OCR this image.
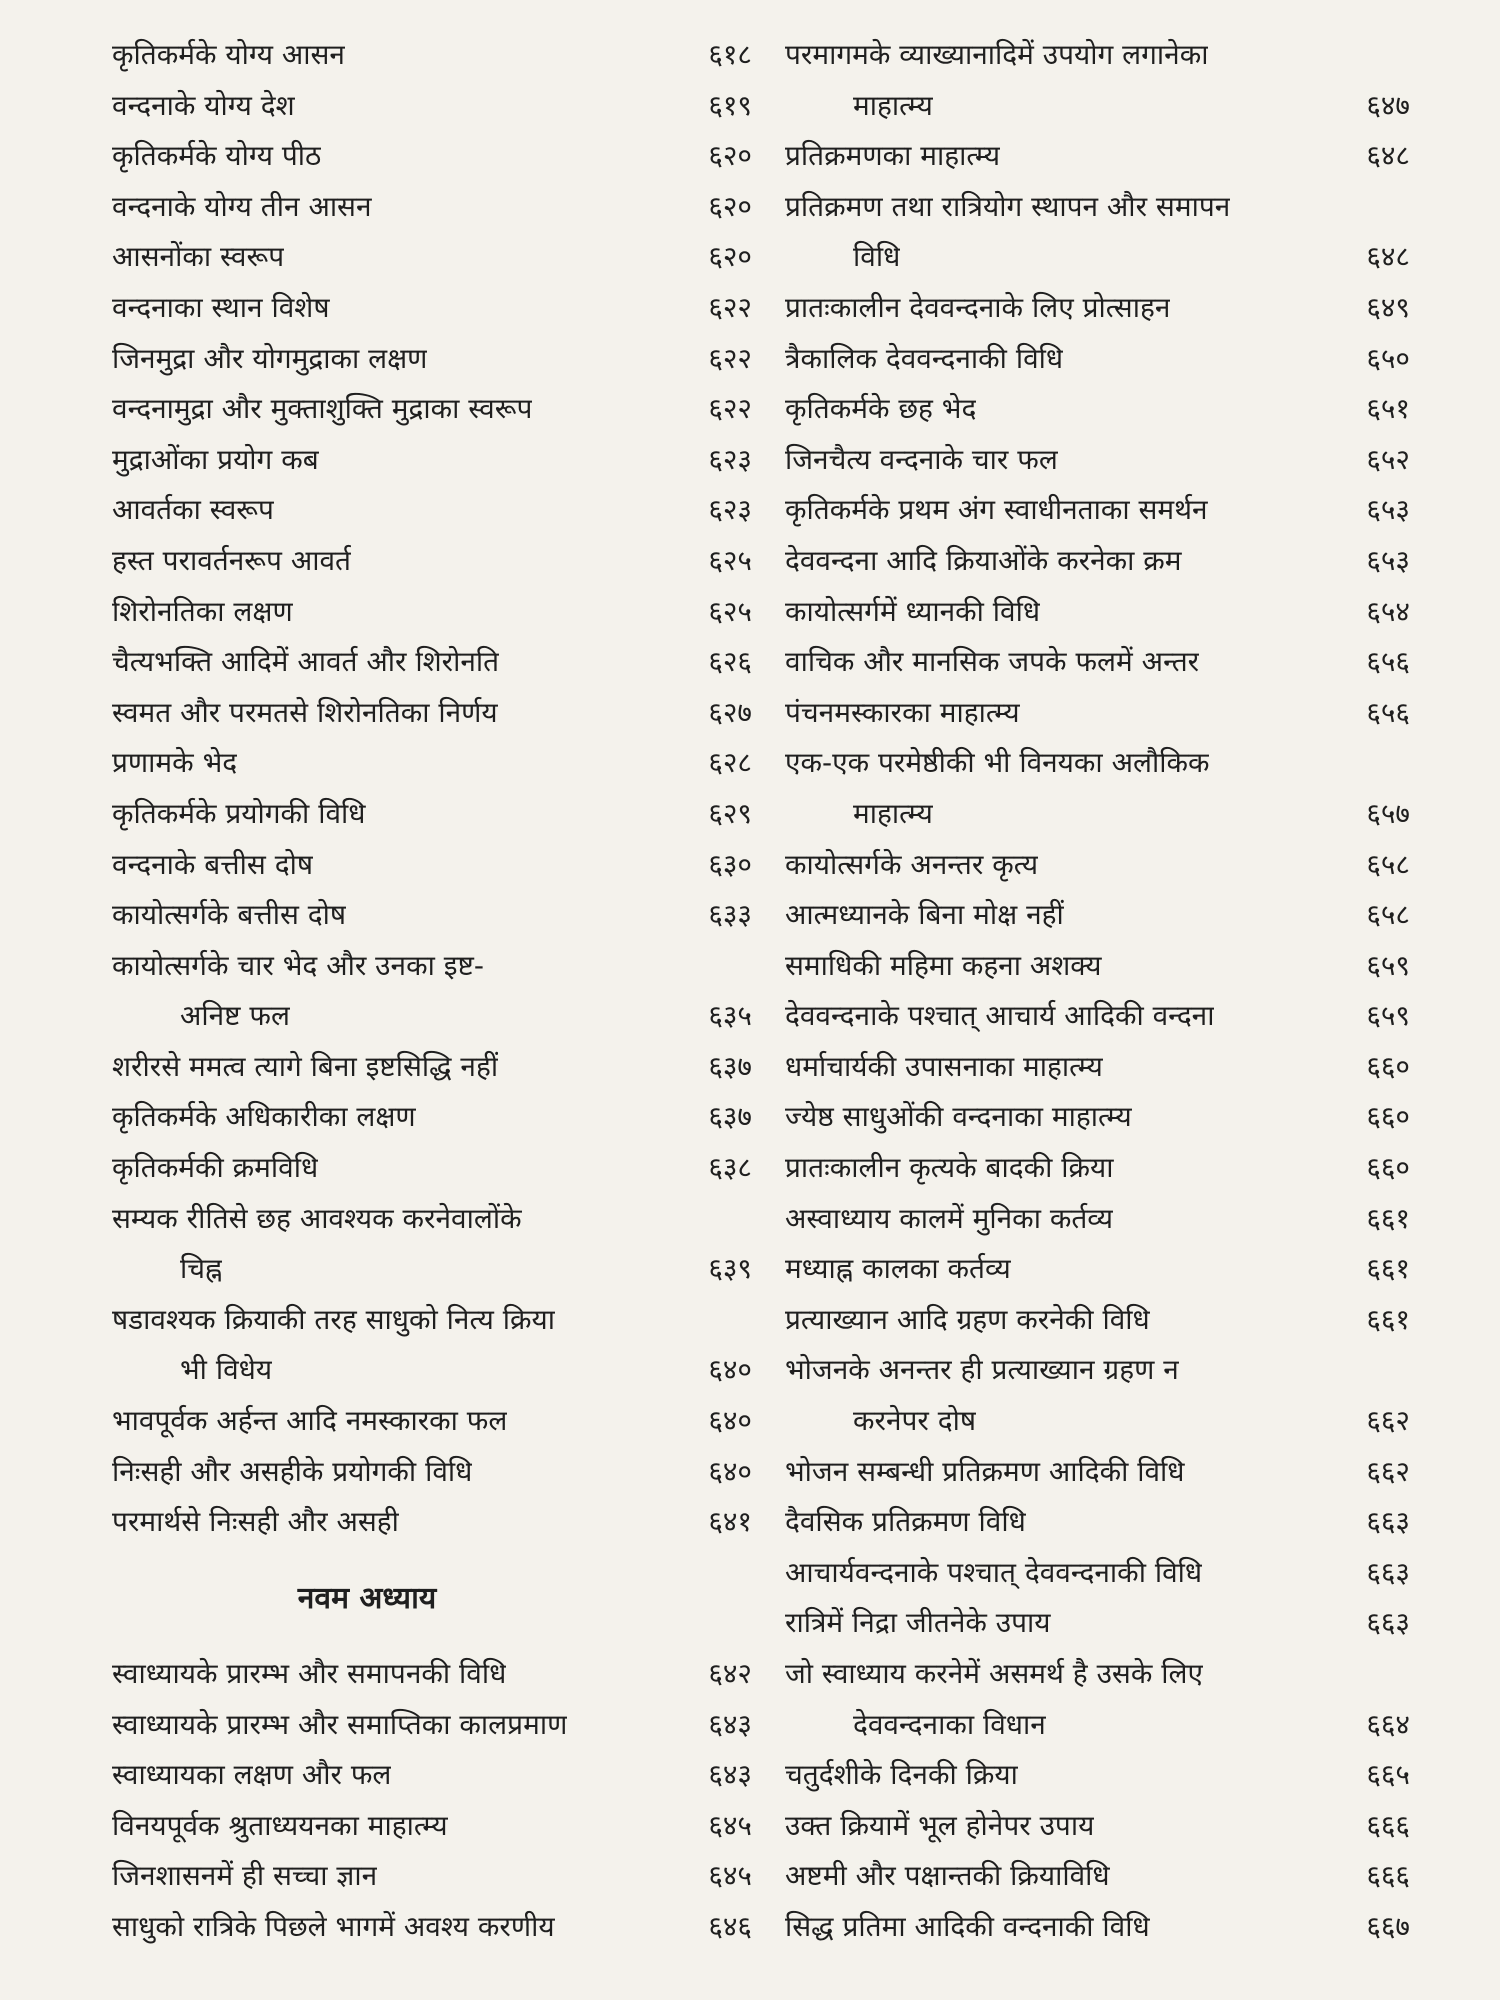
कृतिकर्मके योग्य आसन	६१८
वन्दनाके योग्य देश	६१९
कृतिकर्मके योग्य पीठ	६२०
वन्दनाके योग्य तीन आसन	६२०
आसनोंका स्वरूप	६२०
वन्दनाका स्थान विशेष	६२२
जिनमुद्रा और योगमुद्राका लक्षण	६२२
वन्दनामुद्रा और मुक्ताशुक्ति मुद्राका स्वरूप	६२२
मुद्राओंका प्रयोग कब	६२३
आवर्तका स्वरूप	६२३
हस्त परावर्तनरूप आवर्त	६२५
शिरोनतिका लक्षण	६२५
चैत्यभक्ति आदिमें आवर्त और शिरोनति	६२६
स्वमत और परमतसे शिरोनतिका निर्णय	६२७
प्रणामके भेद	६२८
कृतिकर्मके प्रयोगकी विधि	६२९
वन्दनाके बत्तीस दोष	६३०
कायोत्सर्गके बत्तीस दोष	६३३
कायोत्सर्गके चार भेद और उनका इष्ट-
अनिष्ट फल	६३५
शरीरसे ममत्व त्यागे बिना इष्टसिद्धि नहीं	६३७
कृतिकर्मके अधिकारीका लक्षण	६३७
कृतिकर्मकी क्रमविधि	६३८
सम्यक रीतिसे छह आवश्यक करनेवालोंके
चिह्न	६३९
षडावश्यक क्रियाकी तरह साधुको नित्य क्रिया
भी विधेय	६४०
भावपूर्वक अर्हन्त आदि नमस्कारका फल	६४०
निःसही और असहीके प्रयोगकी विधि	६४०
परमार्थसे निःसही और असही	६४१
नवम अध्याय
स्वाध्यायके प्रारम्भ और समापनकी विधि	६४२
स्वाध्यायके प्रारम्भ और समाप्तिका कालप्रमाण	६४३
स्वाध्यायका लक्षण और फल	६४३
विनयपूर्वक श्रुताध्ययनका माहात्म्य	६४५
जिनशासनमें ही सच्चा ज्ञान	६४५
साधुको रात्रिके पिछले भागमें अवश्य करणीय	६४६
परमागमके व्याख्यानादिमें उपयोग लगानेका
माहात्म्य	६४७
प्रतिक्रमणका माहात्म्य	६४८
प्रतिक्रमण तथा रात्रियोग स्थापन और समापन
विधि	६४८
प्रातःकालीन देववन्दनाके लिए प्रोत्साहन	६४९
त्रैकालिक देववन्दनाकी विधि	६५०
कृतिकर्मके छह भेद	६५१
जिनचैत्य वन्दनाके चार फल	६५२
कृतिकर्मके प्रथम अंग स्वाधीनताका समर्थन	६५३
देववन्दना आदि क्रियाओंके करनेका क्रम	६५३
कायोत्सर्गमें ध्यानकी विधि	६५४
वाचिक और मानसिक जपके फलमें अन्तर	६५६
पंचनमस्कारका माहात्म्य	६५६
एक-एक परमेष्ठीकी भी विनयका अलौकिक
माहात्म्य	६५७
कायोत्सर्गके अनन्तर कृत्य	६५८
आत्मध्यानके बिना मोक्ष नहीं	६५८
समाधिकी महिमा कहना अशक्य	६५९
देववन्दनाके पश्चात् आचार्य आदिकी वन्दना	६५९
धर्माचार्यकी उपासनाका माहात्म्य	६६०
ज्येष्ठ साधुओंकी वन्दनाका माहात्म्य	६६०
प्रातःकालीन कृत्यके बादकी क्रिया	६६०
अस्वाध्याय कालमें मुनिका कर्तव्य	६६१
मध्याह्न कालका कर्तव्य	६६१
प्रत्याख्यान आदि ग्रहण करनेकी विधि	६६१
भोजनके अनन्तर ही प्रत्याख्यान ग्रहण न
करनेपर दोष	६६२
भोजन सम्बन्धी प्रतिक्रमण आदिकी विधि	६६२
दैवसिक प्रतिक्रमण विधि	६६३
आचार्यवन्दनाके पश्चात् देववन्दनाकी विधि	६६३
रात्रिमें निद्रा जीतनेके उपाय	६६३
जो स्वाध्याय करनेमें असमर्थ है उसके लिए
देववन्दनाका विधान	६६४
चतुर्दशीके दिनकी क्रिया	६६५
उक्त क्रियामें भूल होनेपर उपाय	६६६
अष्टमी और पक्षान्तकी क्रियाविधि	६६६
सिद्ध प्रतिमा आदिकी वन्दनाकी विधि	६६७
